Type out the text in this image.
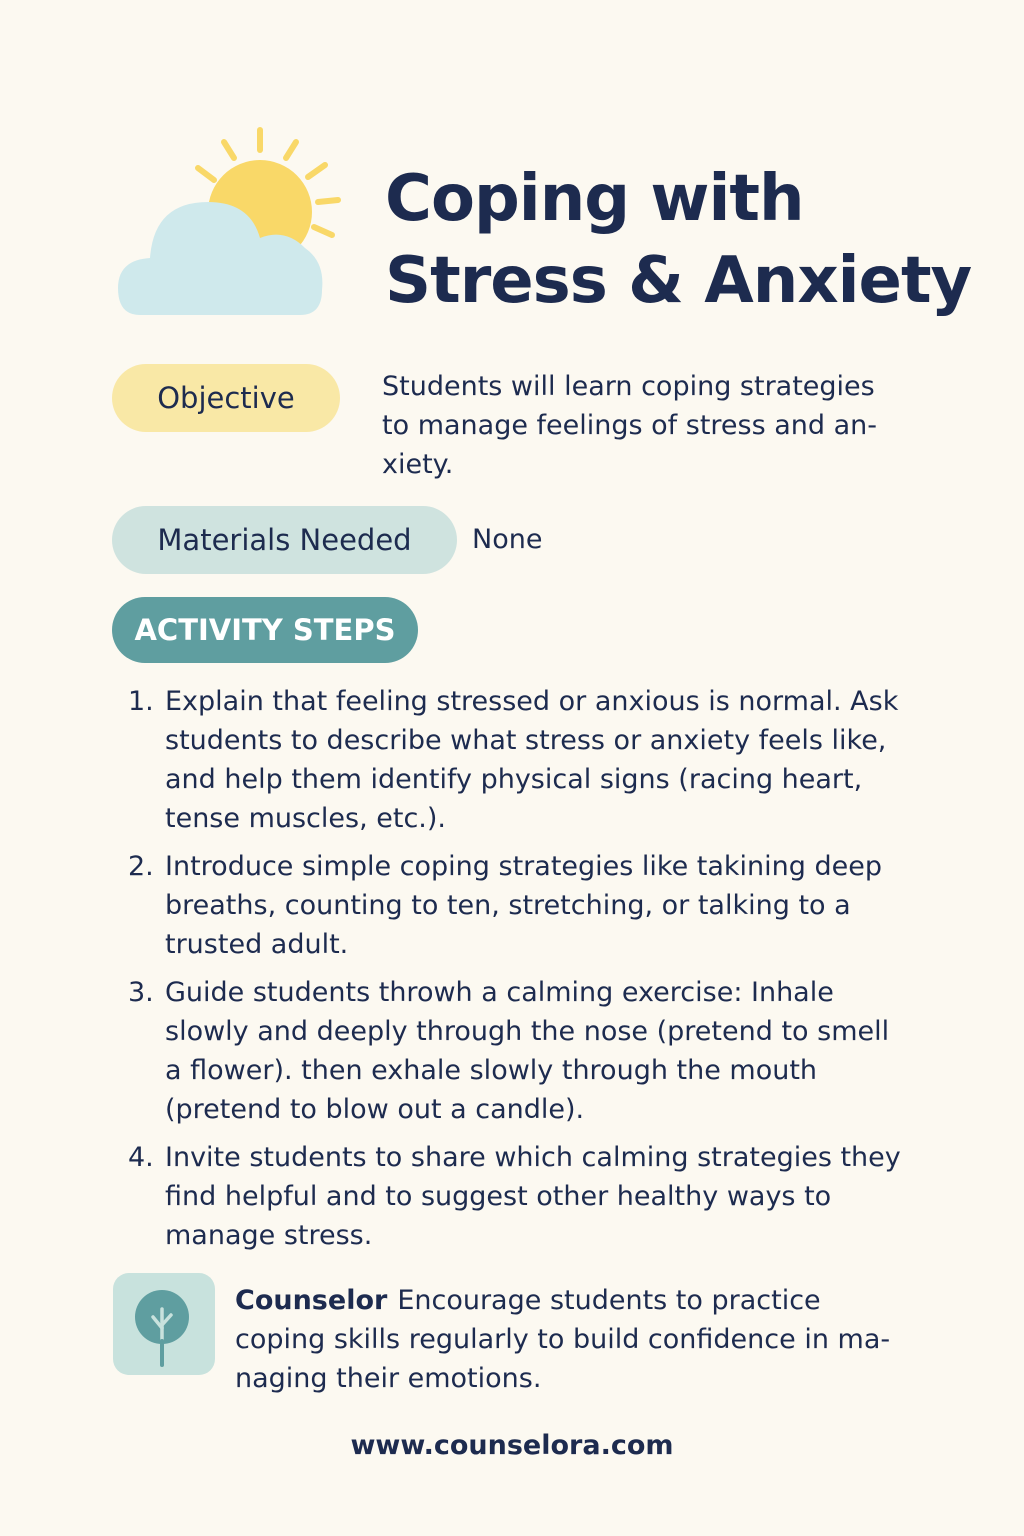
Coping with
Stress & Anxiety
Objective	Students will learn coping strategies to manage feelings of stress and an-xiety.
Materials Needed	None
ACTIVITY STEPS
1. Explain that feeling stressed or anxious is normal. Ask students to describe what stress or anxiety feels like, and help them identify physical signs (racing heart, tense muscles, etc.).
2. Introduce simple coping strategies like takining deep breaths, counting to ten, stretching, or talking to a trusted adult.
3. Guide students throwh a calming exercise: Inhale slowly and deeply through the nose (pretend to smell a flower). then exhale slowly through the mouth (pretend to blow out a candle).
4. Invite students to share which calming strategies they find helpful and to suggest other healthy ways to manage stress.
Counselor Encourage students to practice coping skills regularly to build confidence in ma-naging their emotions.
www.counselora.com
